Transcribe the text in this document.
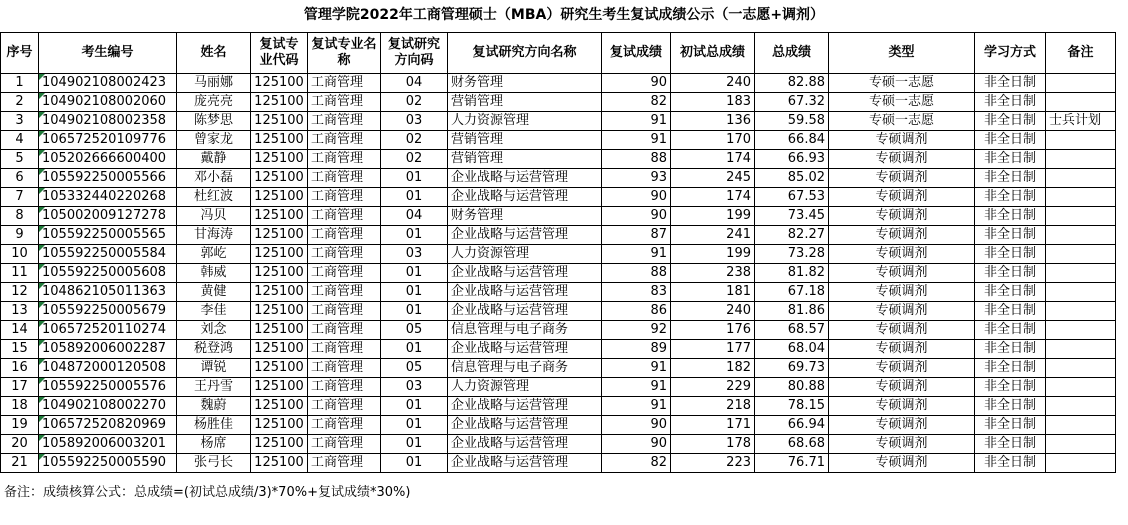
管理学院2022年工商管理硕士（MBA）研究生考生复试成绩公示（一志愿+调剂）
序号	考生编号	姓名	复试专业代码	复试专业名称	复试研究方向码	复试研究方向名称	复试成绩	初试总成绩	总成绩	类型	学习方式	备注
1	104902108002423	马丽娜	125100	工商管理	04	财务管理	90	240	82.88	专硕一志愿	非全日制	
2	104902108002060	庞亮亮	125100	工商管理	02	营销管理	82	183	67.32	专硕一志愿	非全日制	
3	104902108002358	陈梦思	125100	工商管理	03	人力资源管理	91	136	59.58	专硕一志愿	非全日制	士兵计划
4	106572520109776	曾家龙	125100	工商管理	02	营销管理	91	170	66.84	专硕调剂	非全日制	
5	105202666600400	戴静	125100	工商管理	02	营销管理	88	174	66.93	专硕调剂	非全日制	
6	105592250005566	邓小磊	125100	工商管理	01	企业战略与运营管理	93	245	85.02	专硕调剂	非全日制	
7	105332440220268	杜红波	125100	工商管理	01	企业战略与运营管理	90	174	67.53	专硕调剂	非全日制	
8	105002009127278	冯贝	125100	工商管理	04	财务管理	90	199	73.45	专硕调剂	非全日制	
9	105592250005565	甘海涛	125100	工商管理	01	企业战略与运营管理	87	241	82.27	专硕调剂	非全日制	
10	105592250005584	郭屹	125100	工商管理	03	人力资源管理	91	199	73.28	专硕调剂	非全日制	
11	105592250005608	韩威	125100	工商管理	01	企业战略与运营管理	88	238	81.82	专硕调剂	非全日制	
12	104862105011363	黄健	125100	工商管理	01	企业战略与运营管理	83	181	67.18	专硕调剂	非全日制	
13	105592250005679	李佳	125100	工商管理	01	企业战略与运营管理	86	240	81.86	专硕调剂	非全日制	
14	106572520110274	刘念	125100	工商管理	05	信息管理与电子商务	92	176	68.57	专硕调剂	非全日制	
15	105892006002287	税登鸿	125100	工商管理	01	企业战略与运营管理	89	177	68.04	专硕调剂	非全日制	
16	104872000120508	谭锐	125100	工商管理	05	信息管理与电子商务	91	182	69.73	专硕调剂	非全日制	
17	105592250005576	王丹雪	125100	工商管理	03	人力资源管理	91	229	80.88	专硕调剂	非全日制	
18	104902108002270	魏蔚	125100	工商管理	01	企业战略与运营管理	91	218	78.15	专硕调剂	非全日制	
19	106572520820969	杨胜佳	125100	工商管理	01	企业战略与运营管理	90	171	66.94	专硕调剂	非全日制	
20	105892006003201	杨席	125100	工商管理	01	企业战略与运营管理	90	178	68.68	专硕调剂	非全日制	
21	105592250005590	张弓长	125100	工商管理	01	企业战略与运营管理	82	223	76.71	专硕调剂	非全日制	
备注：成绩核算公式：总成绩=(初试总成绩/3)*70%+复试成绩*30%)
